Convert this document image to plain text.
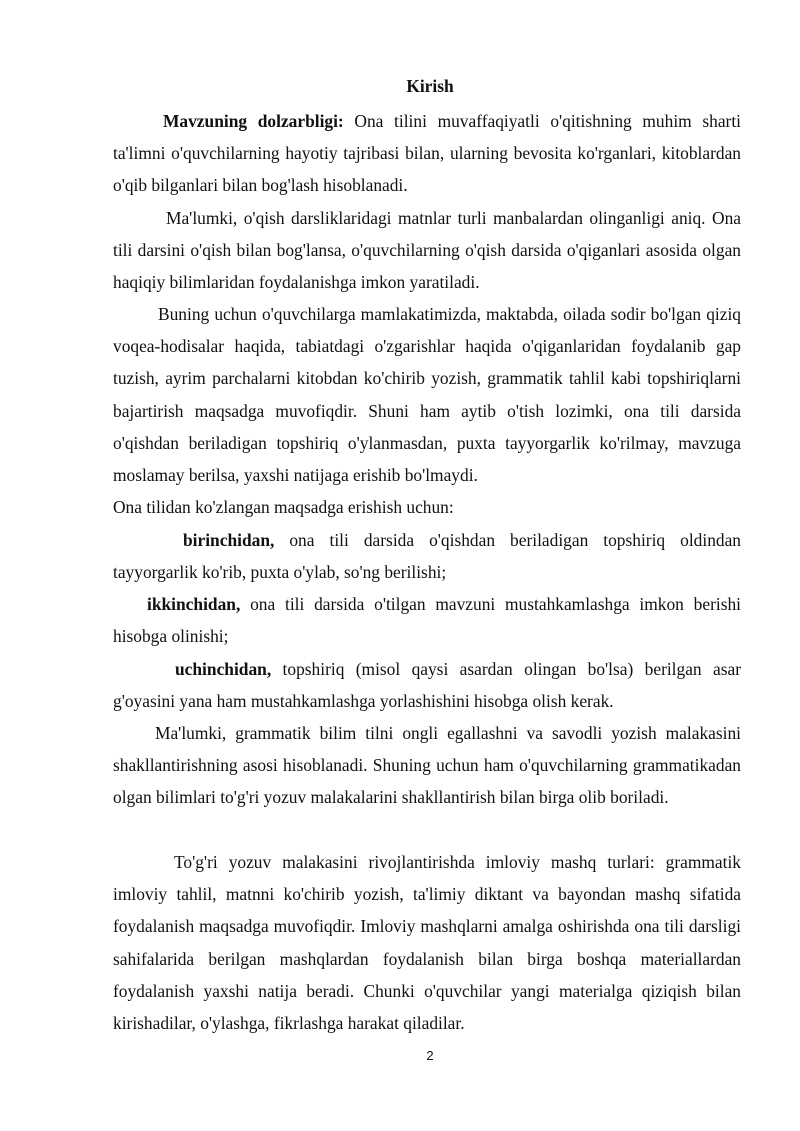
Kirish

Mavzuning dolzarbligi: Ona tilini muvaffaqiyatli o'qitishning muhim sharti ta'limni o'quvchilarning hayotiy tajribasi bilan, ularning bevosita ko'rganlari, kitoblardan o'qib bilganlari bilan bog'lash hisoblanadi.

Ma'lumki, o'qish darsliklaridagi matnlar turli manbalardan olinganligi aniq. Ona tili darsini o'qish bilan bog'lansa, o'quvchilarning o'qish darsida o'qiganlari asosida olgan haqiqiy bilimlaridan foydalanishga imkon yaratiladi.

Buning uchun o'quvchilarga mamlakatimizda, maktabda, oilada sodir bo'lgan qiziq voqea-hodisalar haqida, tabiatdagi o'zgarishlar haqida o'qiganlaridan foydalanib gap tuzish, ayrim parchalarni kitobdan ko'chirib yozish, grammatik tahlil kabi topshiriqlarni bajartirish maqsadga muvofiqdir. Shuni ham aytib o'tish lozimki, ona tili darsida o'qishdan beriladigan topshiriq o'ylanmasdan, puxta tayyorgarlik ko'rilmay, mavzuga moslamay berilsa, yaxshi natijaga erishib bo'lmaydi.

Ona tilidan ko'zlangan maqsadga erishish uchun:

birinchidan, ona tili darsida o'qishdan beriladigan topshiriq oldindan tayyorgarlik ko'rib, puxta o'ylab, so'ng berilishi;

ikkinchidan, ona tili darsida o'tilgan mavzuni mustahkamlashga imkon berishi hisobga olinishi;

uchinchidan, topshiriq (misol qaysi asardan olingan bo'lsa) berilgan asar g'oyasini yana ham mustahkamlashga yorlashishini hisobga olish kerak.

Ma'lumki, grammatik bilim tilni ongli egallashni va savodli yozish malakasini shakllantirishning asosi hisoblanadi. Shuning uchun ham o'quvchilarning grammatikadan olgan bilimlari to'g'ri yozuv malakalarini shakllantirish bilan birga olib boriladi.

To'g'ri yozuv malakasini rivojlantirishda imloviy mashq turlari: grammatik imloviy tahlil, matnni ko'chirib yozish, ta'limiy diktant va bayondan mashq sifatida foydalanish maqsadga muvofiqdir. Imloviy mashqlarni amalga oshirishda ona tili darsligi sahifalarida berilgan mashqlardan foydalanish bilan birga boshqa materiallardan foydalanish yaxshi natija beradi. Chunki o'quvchilar yangi materialga qiziqish bilan kirishadilar, o'ylashga, fikrlashga harakat qiladilar.

2
